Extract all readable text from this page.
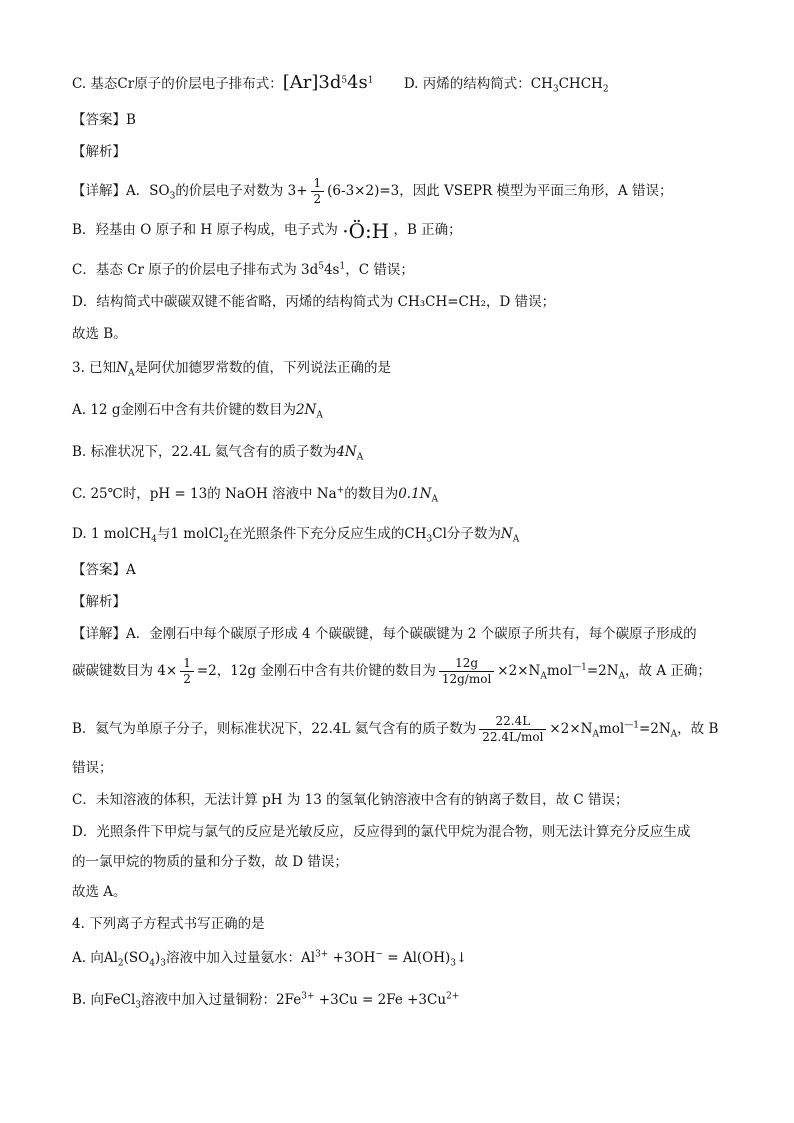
C. 基态Cr原子的价层电子排布式：$[Ar]3d^54s^1$ D. 丙烯的结构简式：$CH_3CHCH_2$
【答案】B
【解析】
【详解】A．$SO_3$的价层电子对数为 $3+ \frac{1}{2} (6-3\times 2)=3$，因此 VSEPR 模型为平面三角形，A 错误；
B．羟基由 O 原子和 H 原子构成，电子式为 ·Ö:H ，B 正确；
C．基态 Cr 原子的价层电子排布式为 $3d^54s^1$，C 错误；
D．结构简式中碳碳双键不能省略，丙烯的结构简式为 CH₃CH=CH₂，D 错误；
故选 B。
3. 已知$N_A$是阿伏加德罗常数的值，下列说法正确的是
A. 12 g金刚石中含有共价键的数目为$2N_A$
B. 标准状况下，22.4L 氦气含有的质子数为$4N_A$
C. 25℃时，pH = 13的 NaOH 溶液中 Na+的数目为$0.1N_A$
D. 1 molCH$_4$与1 molCl$_2$在光照条件下充分反应生成的$CH_3Cl$分子数为$N_A$
【答案】A
【解析】
【详解】A．金刚石中每个碳原子形成 4 个碳碳键，每个碳碳键为 2 个碳原子所共有，每个碳原子形成的
碳碳键数目为 $4\times \frac{1}{2} =2$，12g 金刚石中含有共价键的数目为 $\frac{12g}{\text{12g/mol}} \times 2\times N_Amol^{—1}=2N_A$，故 A 正确；
B．氦气为单原子分子，则标准状况下，22.4L 氦气含有的质子数为 $\frac{22.4L}{\text{22.4L/mol}} \times 2\times N_Amol^{—1}=2N_A$，故 B
错误；
C．未知溶液的体积，无法计算 pH 为 13 的氢氧化钠溶液中含有的钠离子数目，故 C 错误；
D．光照条件下甲烷与氯气的反应是光敏反应，反应得到的氯代甲烷为混合物，则无法计算充分反应生成
的一氯甲烷的物质的量和分子数，故 D 错误；
故选 A。
4. 下列离子方程式书写正确的是
A. 向$Al_2(SO_4)_3$溶液中加入过量氨水：$Al^{3+} +3OH^-$ = $Al(OH)_3↓$
B. 向FeCl$_3$溶液中加入过量铜粉：$2Fe^{3+} +3Cu = 2Fe +3Cu^{2+}$
